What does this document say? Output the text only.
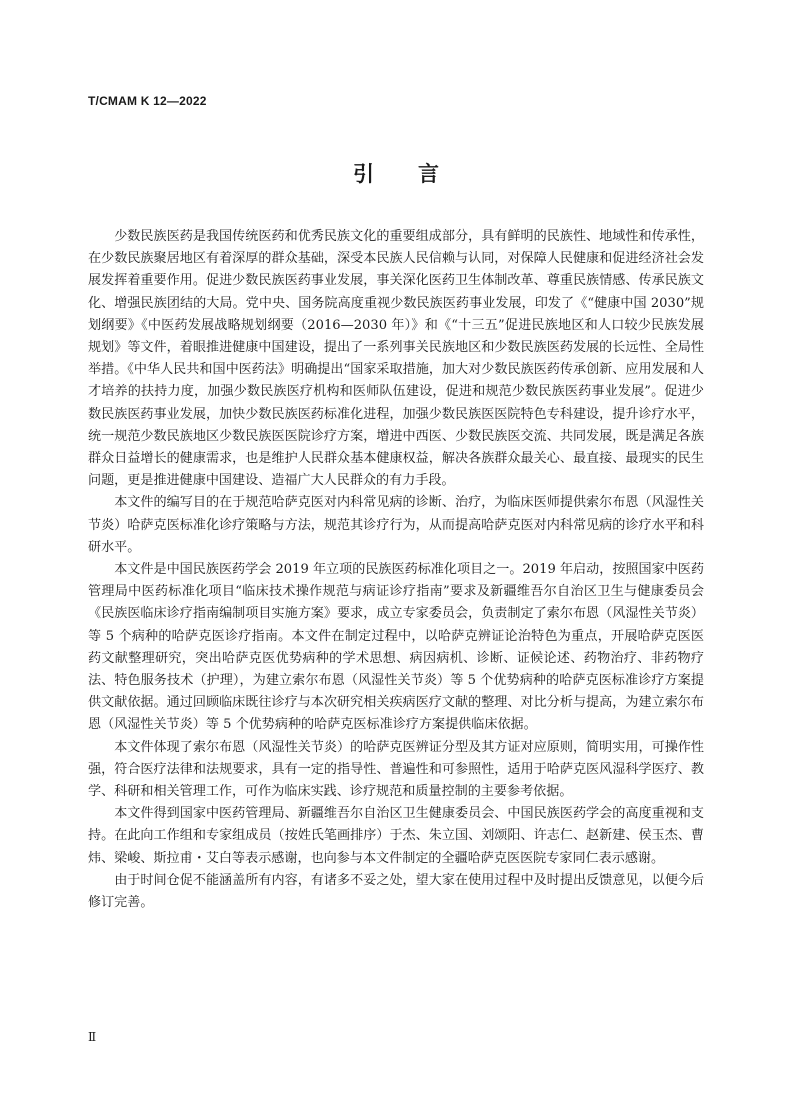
T/CMAM K 12—2022
引言

少数民族医药是我国传统医药和优秀民族文化的重要组成部分，具有鲜明的民族性、地域性和传承性，在少数民族聚居地区有着深厚的群众基础，深受本民族人民信赖与认同，对保障人民健康和促进经济社会发展发挥着重要作用。促进少数民族医药事业发展，事关深化医药卫生体制改革、尊重民族情感、传承民族文化、增强民族团结的大局。党中央、国务院高度重视少数民族医药事业发展，印发了《“健康中国 2030”规划纲要》《中医药发展战略规划纲要（2016—2030 年）》和《“十三五”促进民族地区和人口较少民族发展规划》等文件，着眼推进健康中国建设，提出了一系列事关民族地区和少数民族医药发展的长远性、全局性举措。《中华人民共和国中医药法》明确提出“国家采取措施，加大对少数民族医药传承创新、应用发展和人才培养的扶持力度，加强少数民族医疗机构和医师队伍建设，促进和规范少数民族医药事业发展”。促进少数民族医药事业发展，加快少数民族医药标准化进程，加强少数民族医医院特色专科建设，提升诊疗水平，统一规范少数民族地区少数民族医医院诊疗方案，增进中西医、少数民族医交流、共同发展，既是满足各族群众日益增长的健康需求，也是维护人民群众基本健康权益，解决各族群众最关心、最直接、最现实的民生问题，更是推进健康中国建设、造福广大人民群众的有力手段。

本文件的编写目的在于规范哈萨克医对内科常见病的诊断、治疗，为临床医师提供索尔布恩（风湿性关节炎）哈萨克医标准化诊疗策略与方法，规范其诊疗行为，从而提高哈萨克医对内科常见病的诊疗水平和科研水平。

本文件是中国民族医药学会 2019 年立项的民族医药标准化项目之一。2019 年启动，按照国家中医药管理局中医药标准化项目“临床技术操作规范与病证诊疗指南”要求及新疆维吾尔自治区卫生与健康委员会《民族医临床诊疗指南编制项目实施方案》要求，成立专家委员会，负责制定了索尔布恩（风湿性关节炎）等 5 个病种的哈萨克医诊疗指南。本文件在制定过程中，以哈萨克辨证论治特色为重点，开展哈萨克医医药文献整理研究，突出哈萨克医优势病种的学术思想、病因病机、诊断、证候论述、药物治疗、非药物疗法、特色服务技术（护理），为建立索尔布恩（风湿性关节炎）等 5 个优势病种的哈萨克医标准诊疗方案提供文献依据。通过回顾临床既往诊疗与本次研究相关疾病医疗文献的整理、对比分析与提高，为建立索尔布恩（风湿性关节炎）等 5 个优势病种的哈萨克医标准诊疗方案提供临床依据。

本文件体现了索尔布恩（风湿性关节炎）的哈萨克医辨证分型及其方证对应原则，简明实用，可操作性强，符合医疗法律和法规要求，具有一定的指导性、普遍性和可参照性，适用于哈萨克医风湿科学医疗、教学、科研和相关管理工作，可作为临床实践、诊疗规范和质量控制的主要参考依据。

本文件得到国家中医药管理局、新疆维吾尔自治区卫生健康委员会、中国民族医药学会的高度重视和支持。在此向工作组和专家组成员（按姓氏笔画排序）于杰、朱立国、刘颂阳、许志仁、赵新建、侯玉杰、曹炜、梁峻、斯拉甫・艾白等表示感谢，也向参与本文件制定的全疆哈萨克医医院专家同仁表示感谢。

由于时间仓促不能涵盖所有内容，有诸多不妥之处，望大家在使用过程中及时提出反馈意见，以便今后修订完善。

Ⅱ
